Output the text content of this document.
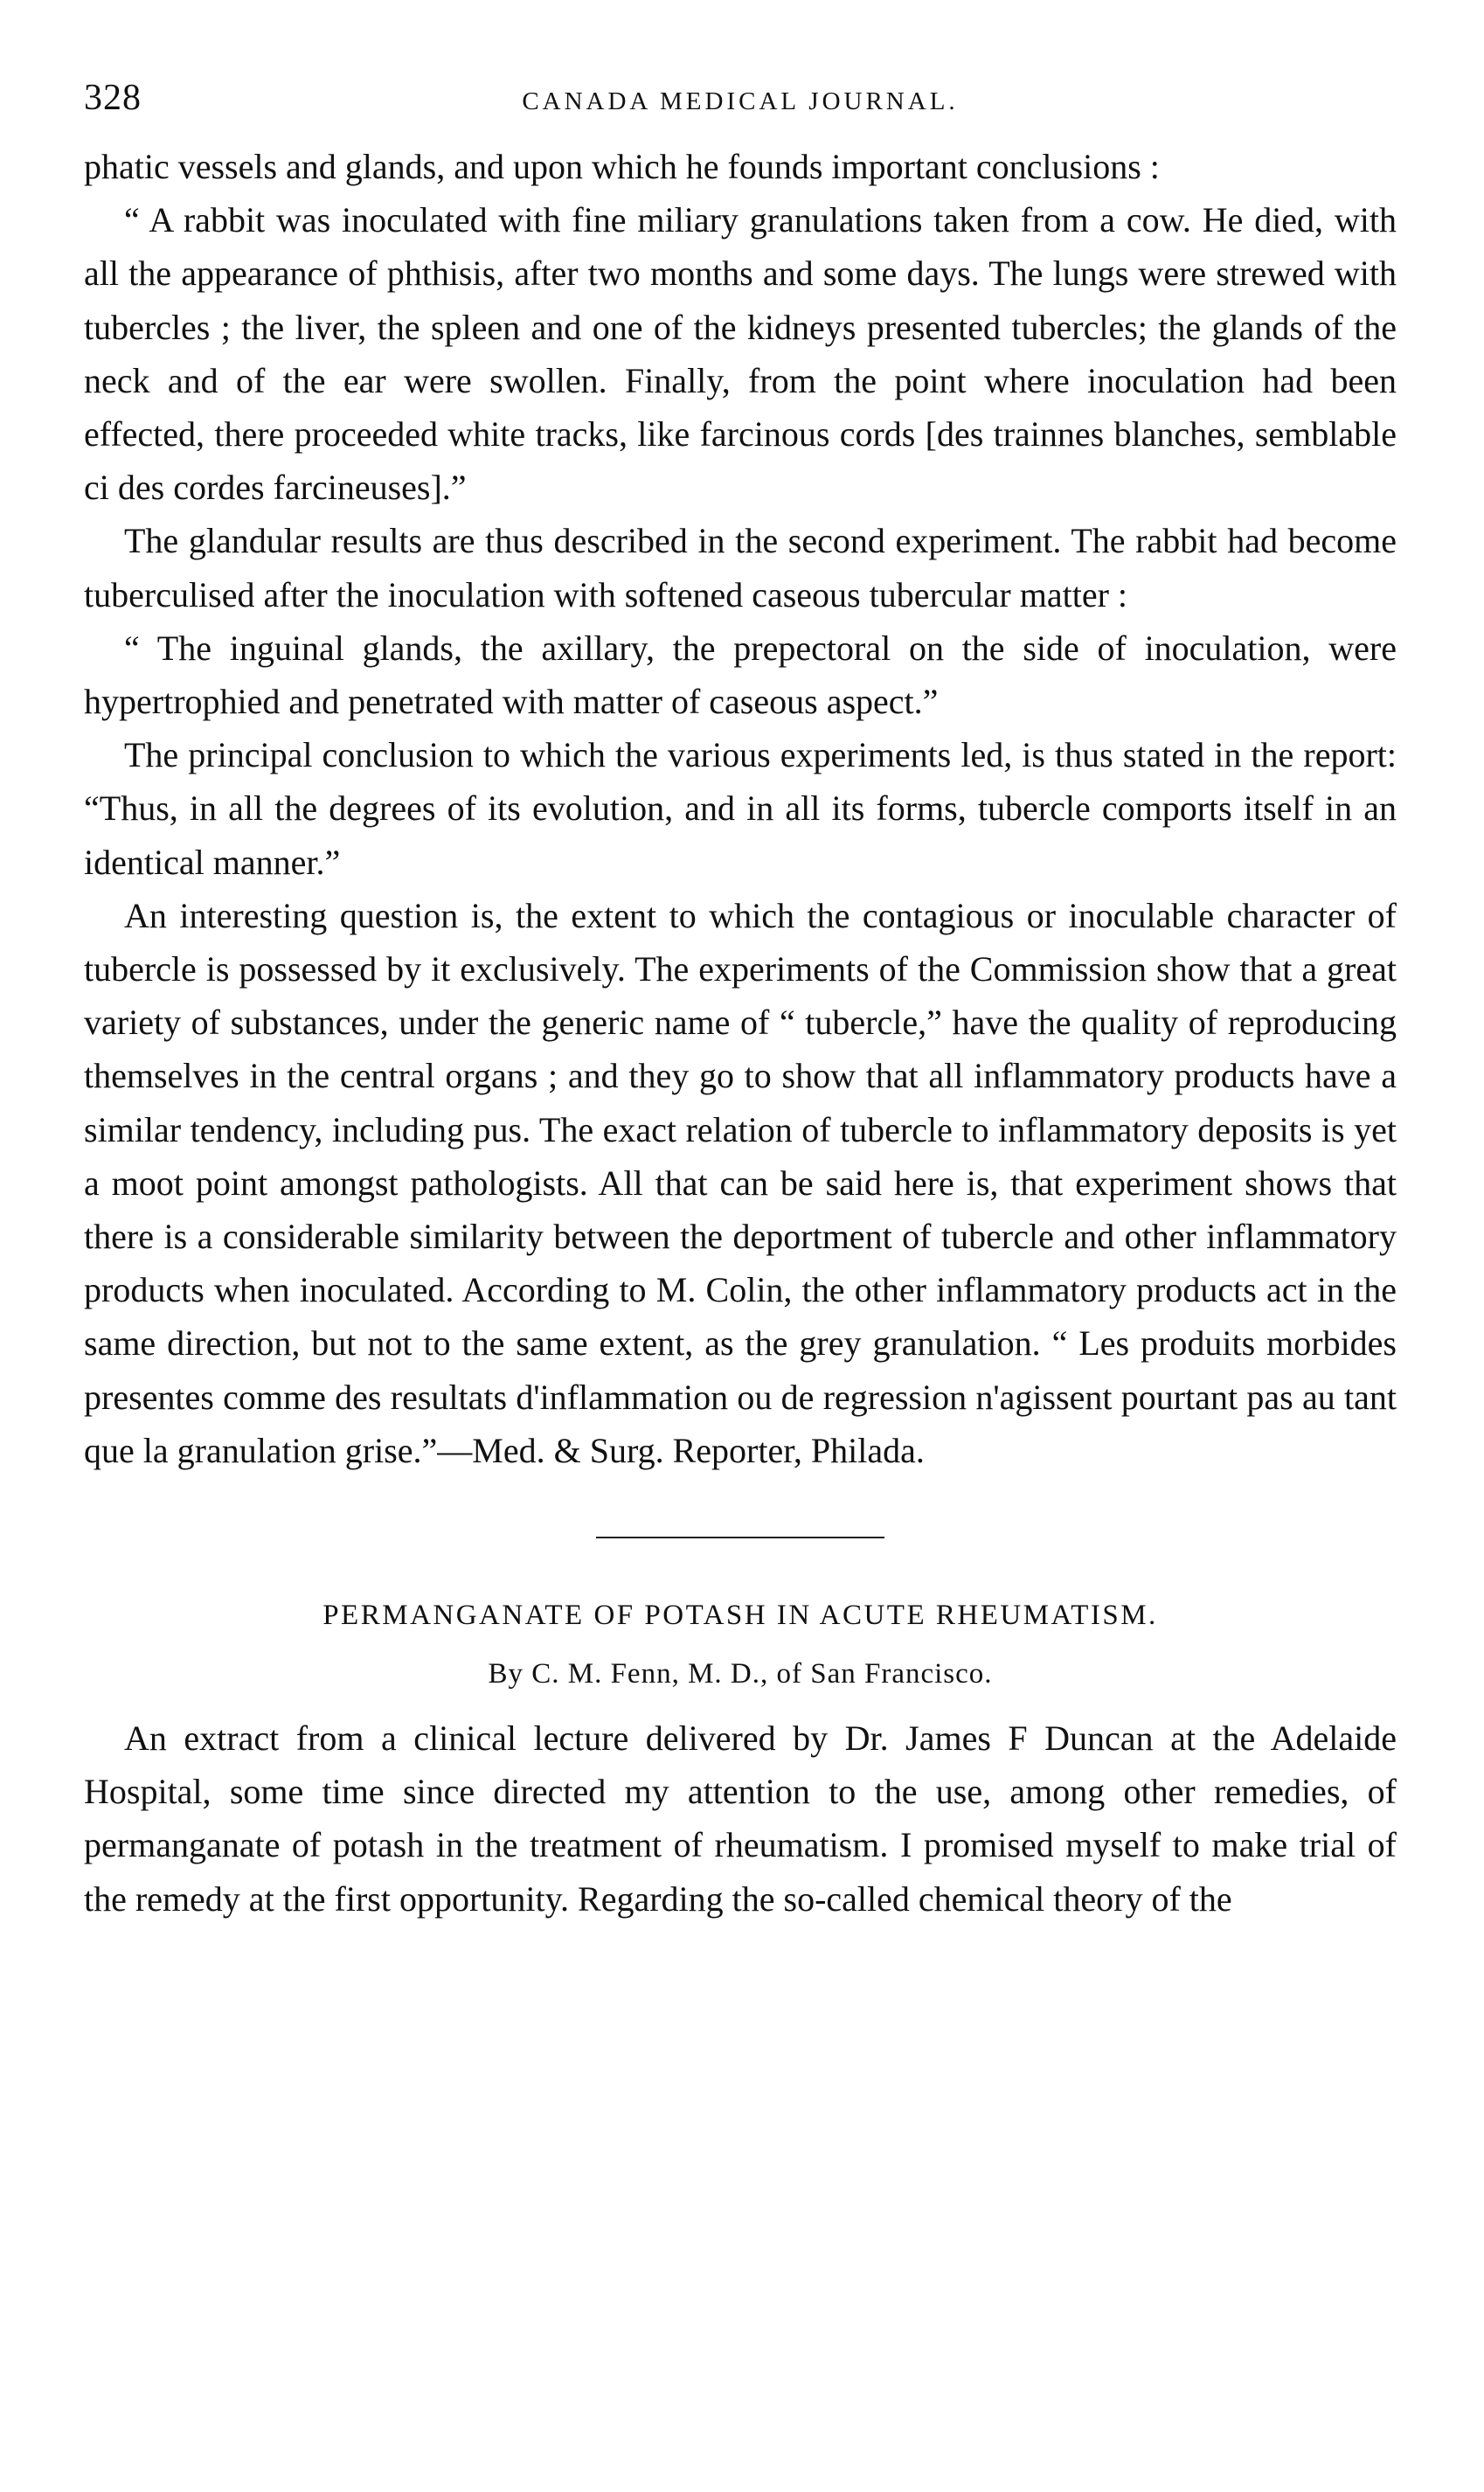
328	CANADA MEDICAL JOURNAL.

phatic vessels and glands, and upon which he founds important conclusions :

“ A rabbit was inoculated with fine miliary granulations taken from a cow. He died, with all the appearance of phthisis, after two months and some days. The lungs were strewed with tubercles ; the liver, the spleen and one of the kidneys presented tubercles; the glands of the neck and of the ear were swollen. Finally, from the point where inoculation had been effected, there proceeded white tracks, like farcinous cords [des trainnes blanches, semblable ci des cordes farcineuses].”

The glandular results are thus described in the second experiment. The rabbit had become tuberculised after the inoculation with softened caseous tubercular matter :

“ The inguinal glands, the axillary, the prepectoral on the side of inoculation, were hypertrophied and penetrated with matter of caseous aspect.”

The principal conclusion to which the various experiments led, is thus stated in the report: “Thus, in all the degrees of its evolution, and in all its forms, tubercle comports itself in an identical manner.”

An interesting question is, the extent to which the contagious or inoculable character of tubercle is possessed by it exclusively. The experiments of the Commission show that a great variety of substances, under the generic name of “ tubercle,” have the quality of reproducing themselves in the central organs ; and they go to show that all inflammatory products have a similar tendency, including pus. The exact relation of tubercle to inflammatory deposits is yet a moot point amongst pathologists. All that can be said here is, that experiment shows that there is a considerable similarity between the deportment of tubercle and other inflammatory products when inoculated. According to M. Colin, the other inflammatory products act in the same direction, but not to the same extent, as the grey granulation. “ Les produits morbides presentes comme des resultats d'inflammation ou de regression n'agissent pourtant pas au tant que la granulation grise.”—Med. & Surg. Reporter, Philada.

PERMANGANATE OF POTASH IN ACUTE RHEUMATISM.
By C. M. Fenn, M. D., of San Francisco.

An extract from a clinical lecture delivered by Dr. James F Duncan at the Adelaide Hospital, some time since directed my attention to the use, among other remedies, of permanganate of potash in the treatment of rheumatism. I promised myself to make trial of the remedy at the first opportunity. Regarding the so-called chemical theory of the
